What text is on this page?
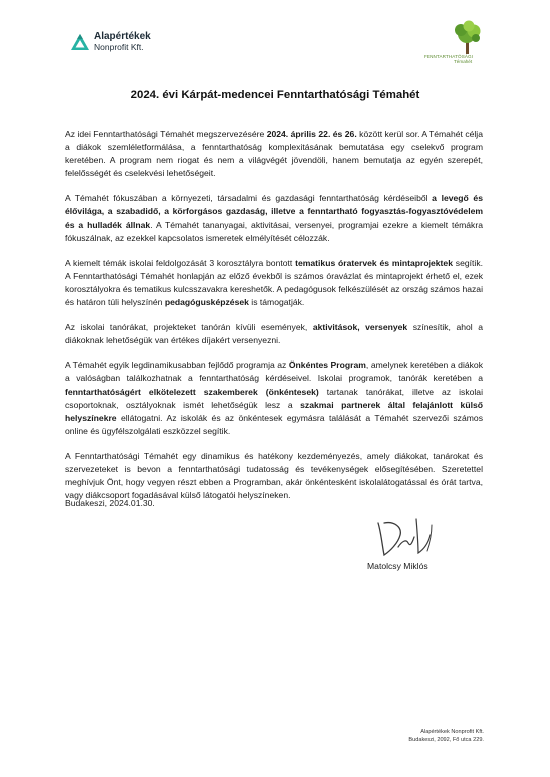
Alapértékek
Nonprofit Kft.
FENNTARTHATÓSÁGI
Témahét
2024. évi Kárpát-medencei Fenntarthatósági Témahét

Az idei Fenntarthatósági Témahét megszervezésére 2024. április 22. és 26. között kerül sor. A Témahét célja a diákok szemléletformálása, a fenntarthatóság komplexitásának bemutatása egy cselekvő program keretében. A program nem riogat és nem a világvégét jövendöli, hanem bemutatja az egyén szerepét, felelősségét és cselekvési lehetőségeit.

A Témahét fókuszában a környezeti, társadalmi és gazdasági fenntarthatóság kérdéseiből a levegő és élővilága, a szabadidő, a körforgásos gazdaság, illetve a fenntartható fogyasztás-fogyasztóvédelem és a hulladék állnak. A Témahét tananyagai, aktivitásai, versenyei, programjai ezekre a kiemelt témákra fókuszálnak, az ezekkel kapcsolatos ismeretek elmélyítését célozzák.

A kiemelt témák iskolai feldolgozását 3 korosztályra bontott tematikus óratervek és mintaprojektek segítik. A Fenntarthatósági Témahét honlapján az előző évekből is számos óravázlat és mintaprojekt érhető el, ezek korosztályokra és tematikus kulcsszavakra kereshetők. A pedagógusok felkészülését az ország számos hazai és határon túli helyszínén pedagógusképzések is támogatják.

Az iskolai tanórákat, projekteket tanórán kívüli események, aktivitások, versenyek színesítik, ahol a diákoknak lehetőségük van értékes díjakért versenyezni.

A Témahét egyik legdinamikusabban fejlődő programja az Önkéntes Program, amelynek keretében a diákok a valóságban találkozhatnak a fenntarthatóság kérdéseivel. Iskolai programok, tanórák keretében a fenntarthatóságért elkötelezett szakemberek (önkéntesek) tartanak tanórákat, illetve az iskolai csoportoknak, osztályoknak ismét lehetőségük lesz a szakmai partnerek által felajánlott külső helyszínekre ellátogatni. Az iskolák és az önkéntesek egymásra találását a Témahét szervezői számos online és ügyfélszolgálati eszközzel segítik.

A Fenntarthatósági Témahét egy dinamikus és hatékony kezdeményezés, amely diákokat, tanárokat és szervezeteket is bevon a fenntarthatósági tudatosság és tevékenységek elősegítésében. Szeretettel meghívjuk Önt, hogy vegyen részt ebben a Programban, akár önkéntesként iskolalátogatással és órát tartva, vagy diákcsoport fogadásával külső látogatói helyszíneken.

Budakeszi, 2024.01.30.
Matolcsy Miklós
Alapértékek Nonprofit Kft.
Budakeszi, 2092, Fő utca 229.
